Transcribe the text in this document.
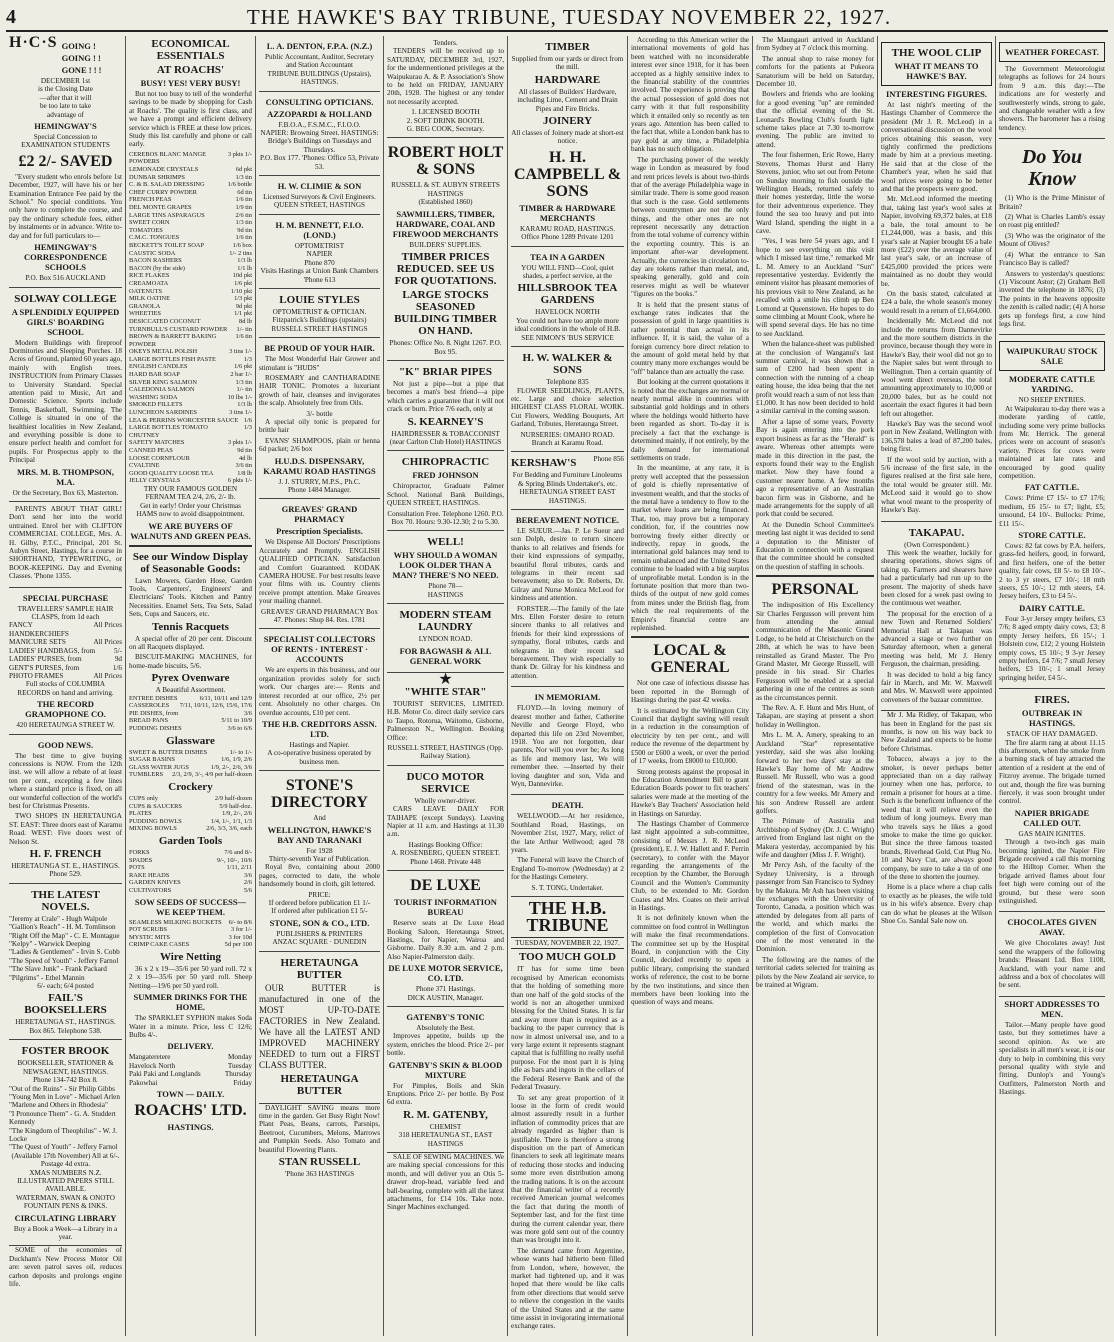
4	THE HAWKE'S BAY TRIBUNE, TUESDAY NOVEMBER 22, 1927.
H·C·S GOING !
GOING ! !
GONE ! ! !
DECEMBER 1st
is the Closing Date
—after that it will
be too late to take
advantage of
HEMINGWAY'S
Special Concession to EXAMINATION STUDENTS
£2 2/- SAVED

"Every student who enrols before 1st December, 1927, will have his or her Examination Entrance Fee paid by the School." No special conditions. You only have to complete the course, and pay the ordinary schedule fees, either by instalments or in advance. Write to-day and for full particulars to—

HEMINGWAY'S CORRESPONDENCE SCHOOLS
P.O. Box 516 AUCKLAND
SOLWAY COLLEGE
A SPLENDIDLY EQUIPPED GIRLS' BOARDING SCHOOL

Modern Buildings with fireproof Dormitories and Sleeping Porches. 18 Acres of Ground, planted 60 years ago, mainly with English trees. INSTRUCTION from Primary Classes to University Standard. Special attention paid to Music, Art and Domestic Science. Sports include Tennis, Basketball, Swimming. The College is situated in one of the healthiest localities in New Zealand, and everything possible is done to ensure perfect health and comfort for pupils. For Prospectus apply to the Principal

MRS. M. B. THOMPSON, M.A.
Or the Secretary, Box 63, Masterton.

PARENTS ABOUT THAT GIRL! Don't send her into the world untrained. Enrol her with CLIFTON COMMERCIAL COLLEGE, Mrs. A. H. Gilby, P.T.C., Principal, 201 St. Aubyn Street, Hastings, for a course in SHORTHAND, TYPEWRITING, or BOOK-KEEPING. Day and Evening Classes. 'Phone 1355.

SPECIAL PURCHASE
TRAVELLERS' SAMPLE HAIR CLASPS, from 1d each
FANCY HANDKERCHIEFS
All Prices
MANICURE SETS	All Prices
LADIES' HANDBAGS, from	5/-
LADIES' PURSES, from	9d
GENT'S PURSES, from	1/6
PHOTO FRAMES	All Prices
Full stocks of COLUMBIA RECORDS on hand and arriving.
THE RECORD GRAMOPHONE CO.
420 HERETAUNGA STREET W.
GOOD NEWS.

The best time to give buying concessions is NOW. From the 12th inst. we will allow a rebate of at least ten per cent., excepting a few lines where a standard price is fixed, on all our wonderful collection of the world's best for Christmas Presents.

TWO SHOPS IN HERETAUNGA ST. EAST: Three doors east of Karamu Road. WEST: Five doors west of Nelson St.

H. F. FRENCH
HERETAUNGA ST. E., HASTINGS. Phone 529.
THE LATEST NOVELS.
"Jeremy at Crale" - Hugh Walpole
"Gallion's Reach" - H. M. Tomlinson
"Right Off the Map" - C. E. Montague
"Kelpy" - Warwick Deeping
"Ladies & Gentlemen" - Irvin S. Cobb
"The Speed of Youth" - Jeffery Farnol
"The Slave Junk" - Frank Packard
"Pilgrims" - Ethel Mannin
6/- each; 6/4 posted
FAIL'S BOOKSELLERS
HERETAUNGA ST., HASTINGS. Box 865. Telephone 538.
FOSTER BROOK
BOOKSELLER, STATIONER & NEWSAGENT, HASTINGS.
Phone 134-742 Box 8.
"Out of the Ruins" - Sir Philip Gibbs
"Young Men in Love" - Michael Arlen
"Marlene and Others in Rhodesia"
"I Pronounce Them" - G. A. Studdert Kennedy
"The Kingdom of Theophilus" - W. J. Locke
"The Quest of Youth" - Jeffery Farnol
(Available 17th November) All at 6/-. Postage 4d extra.
XMAS NUMBERS N.Z. ILLUSTRATED PAPERS STILL AVAILABLE.
WATERMAN, SWAN & ONOTO FOUNTAIN PENS & INKS.
CIRCULATING LIBRARY
Buy a Book a Week—a Library in a year.

SOME of the economies of Duckham's New Process Motor Oil are: seven patrol saves oil, reduces carbon deposits and prolongs engine life.

ECONOMICAL ESSENTIALS
AT ROACHS'
BUSY! YES! VERY BUSY!

But not too busy to tell of the wonderful savings to be made by shopping for Cash at Roachs'. The quality is first class, and we have a prompt and efficient delivery service which is FREE at these low prices. Study this list carefully and phone or call early.

CEREBOS BLANC MANGE POWDERS
3 pkts 1/-
LEMONADE CRYSTALS	6d pkt
DUNBAR SHRIMPS	1/3 tin
C. & B. SALAD DRESSING	1/6 bottle
CHEF CURRY POWDER	6d tin
FRENCH PEAS	1/6 tin
DEL MONTE GRAPES	1/9 tin
LARGE TINS ASPARAGUS	2/6 tin
SWEET CORN	1/3 tin
TOMATOES	9d tin
C.M.C. TONGUES	1/6 tin
BECKETT'S TOILET SOAP	1/6 box
CAUSTIC SODA	1/- 2 tins
BACON RASHERS	1/3 lb
BACON (by the side)	1/1 lb
RICE FLAKES	10d pkt
CREAMOATA	1/6 pkt
OATENUTS	1/10 pkt
MILK OATINE	1/3 pkt
GRANOLA	9d pkt
WHEETIES	1/1 pkt
DESICCATED COCONUT	8d lb
TURNBULL'S CUSTARD POWDER 1/- tin
BROWN & BARRETT BAKING POWDER
1/6 tin
OKEYS METAL POLISH	3 tins 1/-
LARGE BOTTLES FISH PASTE	1/3
ENGLISH CANDLES	1/6 pkt
HARD BAR SOAP	2 bar 1/-
SILVER KING SALMON	1/3 tin
CALEDONIA SALMON	1/- tin
WASHING SODA	10 lbs 1/-
SMOKED FILLETS	1/3 lb
LUNCHEON SARDINES	3 tins 1/-
LEA & PERRINS WORCESTER SAUCE 1/6
LARGE BOTTLES TOMATO CHUTNEY
1/3
SAFETY MATCHES	3 pkts 1/-
CANNED PEAS	9d tin
LOOSE CORNFLOUR	4d lb
CVALTINE	3/6 tin
GOOD QUALITY LOOSE TEA	1/8 lb
JELLY CRYSTALS	6 pkts 1/-
TRY OUR FAMOUS GOLDEN FERNAM TEA 2/4, 2/6, 2/- lb.
Get in early! Order your Christmas HAMS now to avoid disappointment.
WE ARE BUYERS OF WALNUTS AND GREEN PEAS.
See our Window Display of Seasonable Goods:

Lawn Mowers, Garden Hose, Garden Tools, Carpenters', Engineers' and Electricians' Tools. Kitchen and Pantry Necessities. Enamel Sets, Tea Sets, Salad Sets, Cups and Saucers, etc.

Tennis Racquets

A special offer of 20 per cent. Discount on all Racquets displayed.

BISCUIT-MAKING MACHINES, for home-made biscuits, 5/6.

Pyrex Ovenware
A Beautiful Assortment.
ENTREE DISHES	6/11, 10/11 and 12/9
CASSEROLES 7/11, 10/11, 12/6, 15/6, 17/6
PIE DISHES, from	3/6
BREAD PANS	5/11 to 10/9
PUDDING DISHES	3/6 to 6/6
Glassware
SWEET & BUTTER DISHES	1/- to 1/-
SUGAR BASINS	1/6, 1/9, 2/6
GLASS WATER JUGS	1/9, 2/-, 2/6, 3/6
TUMBLERS 2/3, 2/9, 3/-, 4/9 per half-dozen
Crockery
CUPS only	2/9 half-dozen
CUPS & SAUCERS	5/9 half-doz.
PLATES	1/9, 2/-, 2/6
PUDDING BOWLS	1/4, 1/-, 1/1, 1/3
MIXING BOWLS	2/6, 3/3, 3/6, each
Garden Tools
FORKS	7/6 and 8/-
SPADES	9/-, 10/-, 10/6
POTS	1/11, 2/11
RAKE HEADS	3/6
GARDEN KNIVES	2/6
CULTIVATORS	5/6
SOW SEEDS OF SUCCESS—WE KEEP THEM.
SEAMLESS MILKING BUCKETS 6/- to 8/6
POT SCRUBS	3 for 1/-
MYSTIC MITS	3 for 10d
CRIMP CAKE CASES	5d per 100
Wire Netting

36 x 2 x 19—35/6 per 50 yard roll. 72 x 2 x 19—35/6 per 50 yard roll. Sheep Netting—19/6 per 50 yard roll.

SUMMER DRINKS FOR THE HOME.

The SPARKLET SYPHON makes Soda Water in a minute. Price, less C 12/6; Bulbs 4/-.

DELIVERY.
Mangateretere	Monday
Havelock North	Tuesday
Paki Paki and Longlands	Thursday
Pakowhai	Friday
TOWN — DAILY.
ROACHS' LTD.
HASTINGS.
L. A. DENTON, F.P.A. (N.Z.)
Public Accountant, Auditor, Secretary and Station Accountant
TRIBUNE BUILDINGS (Upstairs), HASTINGS.
CONSULTING OPTICIANS.
AZZOPARDI & HOLLAND
F.B.O.A., F.S.M.C., F.I.O.O.
NAPIER: Browning Street. HASTINGS: Bridge's Buildings on Tuesdays and Thursdays.
P.O. Box 177. 'Phones: Office 53, Private 53.
H. W. CLIMIE & SON
Licensed Surveyors & Civil Engineers.
QUEEN STREET, HASTINGS
H. M. BENNETT, F.I.O. (LOND.)
OPTOMETRIST
NAPIER
Phone 870
Visits Hastings at Union Bank Chambers 'Phone 613
LOUIE STYLES
OPTOMETRIST & OPTICIAN.
Fitzpatrick's Buildings (upstairs) RUSSELL STREET HASTINGS
BE PROUD OF YOUR HAIR.

The Most Wonderful Hair Grower and stimulant is "HUDS"

ROSEMARY and CANTHARADINE HAIR TONIC. Promotes a luxuriant growth of hair, cleanses and invigorates the scalp. Absolutely free from Oils.

3/- bottle

A special oily tonic is prepared for brittle hair

EVANS' SHAMPOOS, plain or henna 6d packet; 2/6 box

H.U.D.S. DISPENSARY, KARAMU ROAD HASTINGS
J. J. STURRY, M.P.S., Ph.C.
Phone 1484 Manager.
GREAVES' GRAND PHARMACY
Prescription Specialists.

We Dispense All Doctors' Prescriptions Accurately and Promptly. ENGLISH QUALIFIED OPTICIAN. Satisfaction and Comfort Guaranteed. KODAK CAMERA HOUSE. For best results leave your films with us. Country clients receive prompt attention. Make Greaves your mailing channel.

GREAVES' GRAND PHARMACY Box 47. Phones: Shop 84. Res. 1781
SPECIALIST COLLECTORS OF RENTS · INTEREST · ACCOUNTS

We are experts in this business, and our organization provides solely for such work. Our charges are:— Rents and interest recorded at our office, 2½ per cent. Absolutely no other charges. On overdue accounts, £10 per cent.

THE H.B. CREDITORS ASSN. LTD.
Hastings and Napier.
A co-operative business operated by business men.
STONE'S DIRECTORY
And
WELLINGTON, HAWKE'S BAY AND TARANAKI
For 1928
Thirty-seventh Year of Publication.

Royal 8vo, containing about 2000 pages, corrected to date, the whole handsomely bound in cloth, gilt lettered.

PRICE:
If ordered before publication £1 1/-
If ordered after publication £1 5/-
STONE, SON & CO., LTD.
PUBLISHERS & PRINTERS
ANZAC SQUARE · DUNEDIN
HERETAUNGA BUTTER

OUR BUTTER is manufactured in one of the MOST UP-TO-DATE FACTORIES in New Zealand. We have all the LATEST AND IMPROVED MACHINERY NEEDED to turn out a FIRST CLASS BUTTER.

HERETAUNGA BUTTER

DAYLIGHT SAVING means more time in the garden. Get Busy Right Now! Plant Peas, Beans, carrots, Parsnips, Beetroot, Cucumbers, Melons, Marrows and Pumpkin Seeds. Also Tomato and beautiful Flowering Plants.

STAN RUSSELL
'Phone 363 HASTINGS
Tenders.

TENDERS will be received up to SATURDAY, DECEMBER 3rd, 1927, for the undermentioned privileges at the Waipukurau A. & P. Association's Show to be held on FRIDAY, JANUARY 20th, 1928. The highest or any tender not necessarily accepted.

1. LICENSED BOOTH
2. SOFT DRINK BOOTH.
G. BEG COOK, Secretary.
ROBERT HOLT & SONS
RUSSELL & ST. AUBYN STREETS HASTINGS
(Established 1860)
SAWMILLERS, TIMBER, HARDWARE, COAL AND FIREWOOD MERCHANTS
BUILDERS' SUPPLIES.
TIMBER PRICES REDUCED. SEE US FOR QUOTATIONS.
LARGE STOCKS SEASONED BUILDING TIMBER ON HAND.
Phones: Office No. 8. Night 1267. P.O. Box 95.
"K" BRIAR PIPES

Not just a pipe—but a pipe that becomes a man's best friend—a pipe which carries a guarantee that it will not crack or burn. Price 7/6 each, only at

S. KEARNEY'S
HAIRDRESSER & TOBACCONIST
(near Carlton Club Hotel) HASTINGS
CHIROPRACTIC
FRED JOHNSON

Chiropractor, Graduate Palmer School. National Bank Buildings, QUEEN STREET, HASTINGS.

Consultation Free. Telephone 1260. P.O. Box 70. Hours: 9.30-12.30; 2 to 5.30.
WELL!
WHY SHOULD A WOMAN LOOK OLDER THAN A MAN? THERE'S NO NEED.
Phone 78—
HASTINGS
MODERN STEAM LAUNDRY
LYNDON ROAD.
FOR BAGWASH & ALL GENERAL WORK
★
"WHITE STAR"

TOURIST SERVICES, LIMITED. H.B. Motor Co. direct daily service cars to Taupo, Rotorua, Waitomo, Gisborne, Palmerston N., Wellington. Booking Office:

RUSSELL STREET, HASTINGS (Opp. Railway Station).
DUCO MOTOR SERVICE
Wholly owner-driver.

CARS LEAVE DAILY FOR TAIHAPE (except Sundays). Leaving Napier at 11 a.m. and Hastings at 11.30 a.m.

Hastings Booking Office:
A. ROSENBERG, QUEEN STREET. Phone 1468. Private 448
DE LUXE
TOURIST INFORMATION BUREAU

Reserve seats at De Luxe Head Booking Saloon, Heretaunga Street, Hastings, for Napier, Wairoa and Gisborne. Daily 8.30 a.m. and 2 p.m. Also Napier-Palmerston daily.

DE LUXE MOTOR SERVICE, CO. LTD.
Phone 371 Hastings.
DICK AUSTIN, Manager.
GATENBY'S TONIC
Absolutely the Best.

Improves appetite, builds up the system, enriches the blood. Price 2/- per bottle.

GATENBY'S SKIN & BLOOD MIXTURE

For Pimples, Boils and Skin Eruptions. Price 2/- per bottle. By Post 6d extra.

R. M. GATENBY,
CHEMIST
318 HERETAUNGA ST., EAST HASTINGS

SALE OF SEWING MACHINES. We are making special concessions for this month, and will deliver you an Otis 5-drawer drop-head, variable feed and ball-bearing, complete with all the latest attachments, for £14 10s. Take note. Singer Machines exchanged.

TIMBER
Supplied from our yards or direct from the mill.
HARDWARE
All classes of Builders' Hardware, including Lime, Cement and Drain Pipes and Fire Bricks.
JOINERY
All classes of Joinery made at short-est notice.
H. H. CAMPBELL & SONS
TIMBER & HARDWARE MERCHANTS
KARAMU ROAD, HASTINGS.
Office Phone 1289 Private 1201
TEA IN A GARDEN
YOU WILL FIND—Cool, quiet shades, a perfect service, at the
HILLSBROOK TEA GARDENS
HAVELOCK NORTH
You could not have too ample more ideal conditions in the whole of H.B.
SEE NIMON'S 'BUS SERVICE
H. W. WALKER & SONS
Telephone 835

FLOWER SEEDLINGS, PLANTS, etc. Large and choice selection HIGHEST CLASS FLORAL WORK. Cut Flowers, Wedding Bouquets, Art Garland, Tributes, Heretaunga Street.

NURSERIES: OMAHO ROAD. Branch at Karamu Road.
KERSHAW'S Phone 856
For Bedding and Furniture Linoleums & Spring Blinds Undertaker's, etc.
HERETAUNGA STREET EAST HASTINGS.
BEREAVEMENT NOTICE.

LE SUEUR.—Jas. P. Le Sueur and son Dolph, desire to return sincere thanks to all relatives and friends for their kind expressions of sympathy, beautiful floral tributes, cards and telegrams in their recent sad bereavement; also to Dr. Roberts, Dr. Gilray and Nurse Monica McLeod for kindness and attention.

FORSTER.—The family of the late Mrs. Ellen Forster desire to return sincere thanks to all relatives and friends for their kind expressions of sympathy, floral tributes, cards and telegrams in their recent sad bereavement. They wish especially to thank Dr. Gilray for his kindness and attention.

IN MEMORIAM.

FLOYD.—In loving memory of dearest mother and father, Catherine Neville and George Floyd, who departed this life on 23rd November, 1918. You are not forgotten, dear parents, Nor will you ever be; As long as life and memory last, We will remember thee. —Inserted by their loving daughter and son, Vida and Wyn, Dannevirke.

DEATH.

WELLWOOD.—At her residence, Southland Road, Hastings, on November 21st, 1927, Mary, relict of the late Arthur Wellwood; aged 78 years.

The Funeral will leave the Church of England To-morrow (Wednesday) at 2 for the Hastings Cemetery.

S. T. TONG, Undertaker.
THE H.B. TRIBUNE
TUESDAY, NOVEMBER 22, 1927.
TOO MUCH GOLD

IT has for some time been recognised by American economists that the holding of something more than one half of the gold stocks of the world is not an altogether unmixed blessing for the United States. It is far and away more than is required as a backing to the paper currency that is now in almost universal use, and to a very large extent it represents stagnant capital that is fulfilling no really useful purpose. For the most part it is lying idle as bars and ingots in the cellars of the Federal Reserve Bank and of the Federal Treasury.

To set any great proportion of it loose in the form of credit would almost assuredly result in a further inflation of commodity prices that are already regarded as higher than is justifiable. There is therefore a strong disposition on the part of American financiers to seek all legitimate means of reducing those stocks and inducing some more even distribution among the trading nations. It is on the account that the financial writer of a recently received American journal welcomes the fact that during the month of September last, and for the first time during the current calendar year, there was more gold sent out of the country than was brought into it.

The demand came from Argentine, whose wants had hitherto been filled from London, where, however, the market had tightened up, and it was hoped that there would be like calls from other directions that would serve to relieve the congestion in the vaults of the United States and at the same time assist in invigorating international exchange rates.

According to this American writer the international movements of gold has been watched with no inconsiderable interest ever since 1918, for it has been accepted as a highly sensitive index to the financial stability of the countries involved. The experience is proving that the actual possession of gold does not carry with it that full responsibility which it entailed only so recently as ten years ago. Attention has been called to the fact that, while a London bank has to pay gold at any time, a Philadelphia bank has no such obligation.

The purchasing power of the weekly wage in London as measured by food and rent prices levels is about two-thirds that of the average Philadelphia wage in similar trade. There is some good reason that such is the case. Gold settlements between countrymen are not the only things, and the other ones are not represent necessarily any detraction from the total volume of currency within the exporting country. This is an important after-war development. Actually, the currencies in circulation to-day are tokens rather than metal, and, speaking generally, gold and coin reserves might as well be whatever "figures on the books."

It is held that the present status of exchange rates indicates that the possession of gold in large quantities is rather potential than actual in its influence. If, it is said, the value of a foreign currency bore direct relation to the amount of gold metal held by that country many more exchanges would be "off" balance than are actually the case.

But looking at the current quotations it is noted that the exchanges are normal or nearly normal alike in countries with substantial gold holdings and in others where the holdings would hitherto have been regarded as short. To-day it is precisely a fact that the exchange is determined mainly, if not entirely, by the daily demand for international settlements on trade.

In the meantime, at any rate, it is pretty well accepted that the possession of gold is chiefly representative of investment wealth, and that the stocks of the metal have a tendency to flow to the market where loans are being financed. That, too, may prove but a temporary condition, for, if the countries now borrowing freely either directly or indirectly, repay in goods, the international gold balances may tend to remain unbalanced and the United States continue to be loaded with a big surplus of unprofitable metal. London is in the fortunate position that more than two-thirds of the output of new gold comes from mines under the British flag, from which the real requirements of the Empire's financial centre are replenished.

LOCAL & GENERAL

Not one case of infectious disease has been reported in the Borough of Hastings during the past 42 weeks.

It is estimated by the Wellington City Council that daylight saving will result in a reduction in the consumption of electricity by ten per cent., and will reduce the revenue of the department by £500 or £600 a week, or over the period of 17 weeks, from £8000 to £10,000.

Strong protests against the proposal in the Education Amendment Bill to grant Education Boards power to fix teachers' salaries were made at the meeting of the Hawke's Bay Teachers' Association held in Hastings on Saturday.

The Hastings Chamber of Commerce last night appointed a sub-committee, consisting of Messrs J. R. McLeod (president), E. J. W. Hallett and F. Perrin (secretary), to confer with the Mayor regarding the arrangements of the reception by the Chamber, the Borough Council and the Women's Community Club, to be extended to Mr. Gordon Coates and Mrs. Coates on their arrival in Hastings.

It is not definitely known when the committee on food control in Wellington will make the final recommendations. The committee set up by the Hospital Board, in conjunction with the City Council, decided recently to open a public library, comprising the standard works of reference, the cost to be borne by the two institutions, and since then members have been looking into the question of ways and means.

The Maungauri arrived in Auckland from Sydney at 7 o'clock this morning.

The annual shop to raise money for comforts for the patients at Pukeora Sanatorium will be held on Saturday, December 10.

Bowlers and friends who are looking for a good evening "up" are reminded that the official evening of the St. Leonard's Bowling Club's fourth light scheme takes place at 7.30 to-morrow evening. The public are invited to attend.

The four fishermen, Eric Rowe, Harry Stevens, Thomas Hurst and Harry Stevens, junior, who set out from Petone on Sunday morning to fish outside the Wellington Heads, returned safely to their homes yesterday, little the worse for their adventurous experience. They found the sea too heavy and put into Ward Island, spending the night in a cave.

"Yes, I was here 54 years ago, and I hope to see everything on this visit which I missed last time," remarked Mr L. M. Amery to an Auckland "Sun" representative yesterday. Evidently the eminent visitor has pleasant memories of his previous visit to New Zealand, as he recalled with a smile his climb up Ben Lomond at Queenstown. He hopes to do some climbing at Mount Cook, where he will spend several days. He has no time to see Auckland.

When the balance-sheet was published at the conclusion of Wanganui's last summer carnival, it was shown that a sum of £200 had been spent in connection with the running of a cheap eating house, the idea being that the net profit would reach a sum of not less than £1,000. It has now been decided to hold a similar carnival in the coming season.

After a lapse of some years, Poverty Bay is again entering into the pork export business as far as the "Herald" is aware. Whereas other attempts were made in this direction in the past, the exports found their way to the English market. Now they have found a customer nearer home. A few months ago a representative of an Australian bacon firm was in Gisborne, and he made arrangements for the supply of all pork that could be secured.

At the Dunedin School Committee's meeting last night it was decided to send a deputation to the Minister of Education in connection with a request that the committee should be consulted on the question of staffing in schools.

PERSONAL

The indisposition of His Excellency Sir Charles Fergusson will prevent him from attending the annual communication of the Masonic Grand Lodge, to be held at Christchurch on the 28th, at which he was to have been reinstalled as Grand Master. The Pro Grand Master, Mr George Russell, will preside in his stead. Sir Charles Fergusson will be enabled at a special gathering in one of the centres as soon as the circumstances permit.

The Rev. A. F. Hunt and Mrs Hunt, of Takapau, are staying at present a short holiday in Wellington.

Mrs L. M. A. Amery, speaking to an Auckland "Star" representative yesterday, said she was also looking forward to her two days' stay at the Hawke's Bay home of Mr Andrew Russell. Mr Russell, who was a good friend of the statesman, was in the country for a few weeks. Mr Amery and his son Andrew Russell are ardent golfers.

The Primate of Australia and Archbishop of Sydney (Dr. J. C. Wright) arrived from England last night on the Makura yesterday, accompanied by his wife and daughter (Miss J. F. Wright).

Mr Percy Ash, of the faculty of the Sydney University, is a through passenger from San Francisco to Sydney by the Makura. Mr Ash has been visiting the exchanges with the University of Toronto, Canada, a position which was attended by delegates from all parts of the world, and which marks the completion of the first of Convocation one of the most venerated in the Dominion.

The following are the names of the territorial cadets selected for training as pilots by the New Zealand air service, to be trained at Wigram.

THE WOOL CLIP
WHAT IT MEANS TO HAWKE'S BAY.
INTERESTING FIGURES.

At last night's meeting of the Hastings Chamber of Commerce the president (Mr J. R. McLeod) in a conversational discussion on the wool prices obtaining this season, very tightly confirmed the predictions made by him at a previous meeting. He said that at the close of the Chamber's year, when he said that wool prices were going to be better and that the prospects were good.

Mr. McLeod informed the meeting that, taking last year's wool sales at Napier, involving 69,372 bales, at £18 a bale, the total amount to be £1,244,000, was a basis, and this year's sale at Napier brought £6 a bale more (£22) over the average value of last year's sale, or an increase of £425,000 provided the prices were maintained as no doubt they would be.

On the basis stated, calculated at £24 a bale, the whole season's money would result in a return of £1,664,000.

Incidentally Mr. McLeod did not include the returns from Dannevirke and the more southern districts in the province, because though they were in Hawke's Bay, their wool did not go to the Napier sales but went through to Wellington. Then a certain quantity of wool went direct overseas, the total amounting approximately to 10,000 or 20,000 bales, but as he could not ascertain the exact figures it had been left out altogether.

Hawke's Bay was the second wool port in New Zealand, Wellington with 136,578 bales a lead of 87,200 bales, being first.

If the wool sold by auction, with a 5/6 increase of the first sale, in the figures realised at the first sale here, the total would be greater still. Mr. McLeod said it would go to show what wool meant to the prosperity of Hawke's Bay.

TAKAPAU.
(Own Correspondent.)

This week the weather, luckily for shearing operations, shows signs of taking up. Farmers and shearers have had a particularly bad run up to the present. The majority of sheds have been closed for a week past owing to the continuous wet weather.

The proposal for the erection of a new Town and Returned Soldiers' Memorial Hall at Takapau was advanced a stage or two further on Saturday afternoon, when a general meeting was held, Mr J. Henry Ferguson, the chairman, presiding.

It was decided to hold a big fancy fair in March, and Mr. W. Maxwell and Mrs. W. Maxwell were appointed conveners of the bazaar committee.

Mr J. Ma Ridley, of Takapau, who has been in England for the past six months, is now on his way back to New Zealand and expects to be home before Christmas.

Tobacco, always a joy to the smoker, is never perhaps better appreciated than on a day railway journey when one has, perforce, to remain a prisoner for hours at a time. Such is the beneficent influence of the weed that it will relieve even the tedium of long journeys. Every man who travels says he likes a good smoke to make the time go quicker. But since the three famous toasted brands, Riverhead Gold, Cut Plug No. 10 and Navy Cut, are always good company, be sure to take a tin of one of the three to shorten the journey.

Home is a place where a chap calls to exactly as he pleases, the wife told us in his wife's absence. Every chap can do what he pleases at the Wilson Shoe Co. Sandal Sale now on.

WEATHER FORECAST.

The Government Meteorologist telegraphs as follows for 24 hours from 9 a.m. this day:—The indications are for westerly and southwesterly winds, strong to gale, and changeable weather with a few showers. The barometer has a rising tendency.

Do You Know

(1) Who is the Prime Minister of Britain?

(2) What is Charles Lamb's essay on roast pig entitled?

(3) Who was the originator of the Mount of Olives?

(4) What the entrance to San Francisco Bay is called?

Answers to yesterday's questions: (1) Viscount Astor; (2) Graham Bell invented the telephone in 1876; (3) The points in the heavens opposite the zenith is called nadir; (4) A horse gets up forelegs first, a cow hind legs first.

WAIPUKURAU STOCK SALE
MODERATE CATTLE YARDING.
NO SHEEP ENTRIES.

At Waipukurau to-day there was a moderate yarding of cattle, including some very prime bullocks from Mr. Herrick. The general prices were on account of season's variety. Prices for cows were maintained at late rates and encouraged by good quality competition.

FAT CATTLE.

Cows: Prime £7 15/- to £7 17/6; medium, £6 15/- to £7; light, £5; unsound, £4 10/-. Bullocks: Prime, £11 15/-.

STORE CATTLE.

Cows: 82 fat cows by P.A. heifers, grass-fed heifers, good, in forward, and first heifers, one of the better quality, fair cows, £8 5/- to £8 10/-. 2 to 3 yr steers, £7 10/-; 18 mth steers, £5 10/-; 12 mth steers, £4. Jersey heifers, £3 to £4 5/-.

DAIRY CATTLE.

Four 3-yr Jersey empty heifers, £3 7/6; 8 aged empty dairy cows, £3; 8 empty Jersey heifers, £6 15/-; 1 Holstein cow, £12; 2 young Holstein empty cows, £5 10/-; 9 3-yr Jersey empty heifers, £4 7/6; 7 small Jersey heifers, £3 10/-; 1 small Jersey springing heifer, £4 5/-.

FIRES.
OUTBREAK IN HASTINGS.
STACK OF HAY DAMAGED.

The fire alarm rang at about 11.15 this afternoon, when the smoke from a burning stack of hay attracted the attention of a resident at the end of Fitzroy avenue. The brigade turned out and, though the fire was burning fiercely, it was soon brought under control.

NAPIER BRIGADE CALLED OUT.
GAS MAIN IGNITES.

Through a two-inch gas main becoming ignited, the Napier Fire Brigade received a call this morning to the Hilltop Corner. When the brigade arrived flames about four feet high were coming out of the ground, but these were soon extinguished.

CHOCOLATES GIVEN AWAY.

We give Chocolates away! Just send the wrappers of the following brands: Pleasant Ltd. Box 1108, Auckland, with your name and address and a box of chocolates will be sent.

SHORT ADDRESSES TO MEN.

Tailor.—Many people have good taste, but they sometimes have a second opinion. As we are specialists in all men's wear, it is our duty to help in combining this very personal quality with style and fitting. Dunlop's and Young's Outfitters, Palmerston North and Hastings.
